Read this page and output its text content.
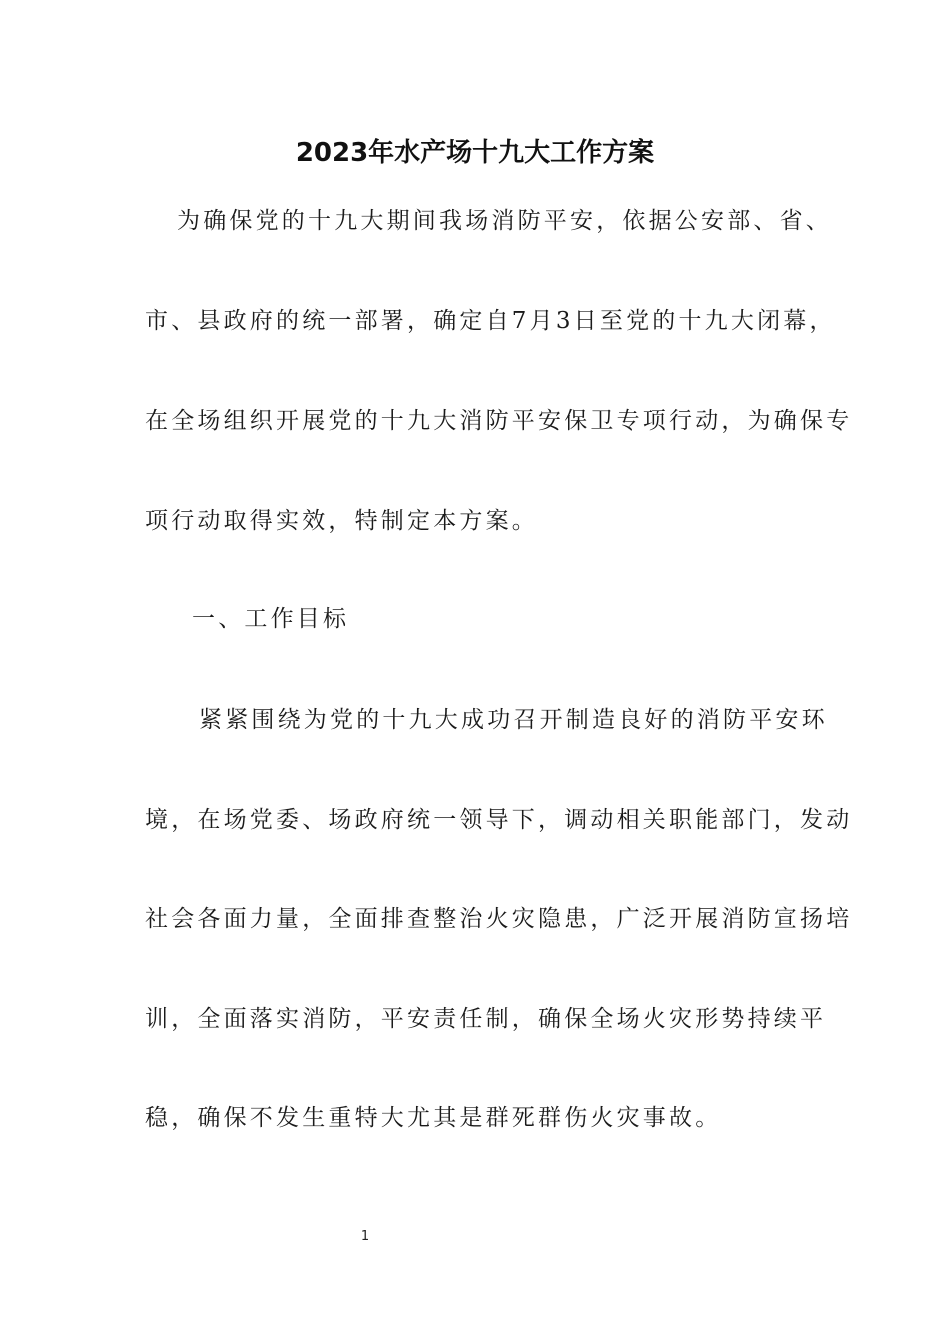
2023年水产场十九大工作方案
为确保党的十九大期间我场消防平安，依据公安部、省、
市、县政府的统一部署，确定自7月3日至党的十九大闭幕，
在全场组织开展党的十九大消防平安保卫专项行动，为确保专
项行动取得实效，特制定本方案。
一、工作目标
紧紧围绕为党的十九大成功召开制造良好的消防平安环
境，在场党委、场政府统一领导下，调动相关职能部门，发动
社会各面力量，全面排查整治火灾隐患，广泛开展消防宣扬培
训，全面落实消防，平安责任制，确保全场火灾形势持续平
稳，确保不发生重特大尤其是群死群伤火灾事故。
1
